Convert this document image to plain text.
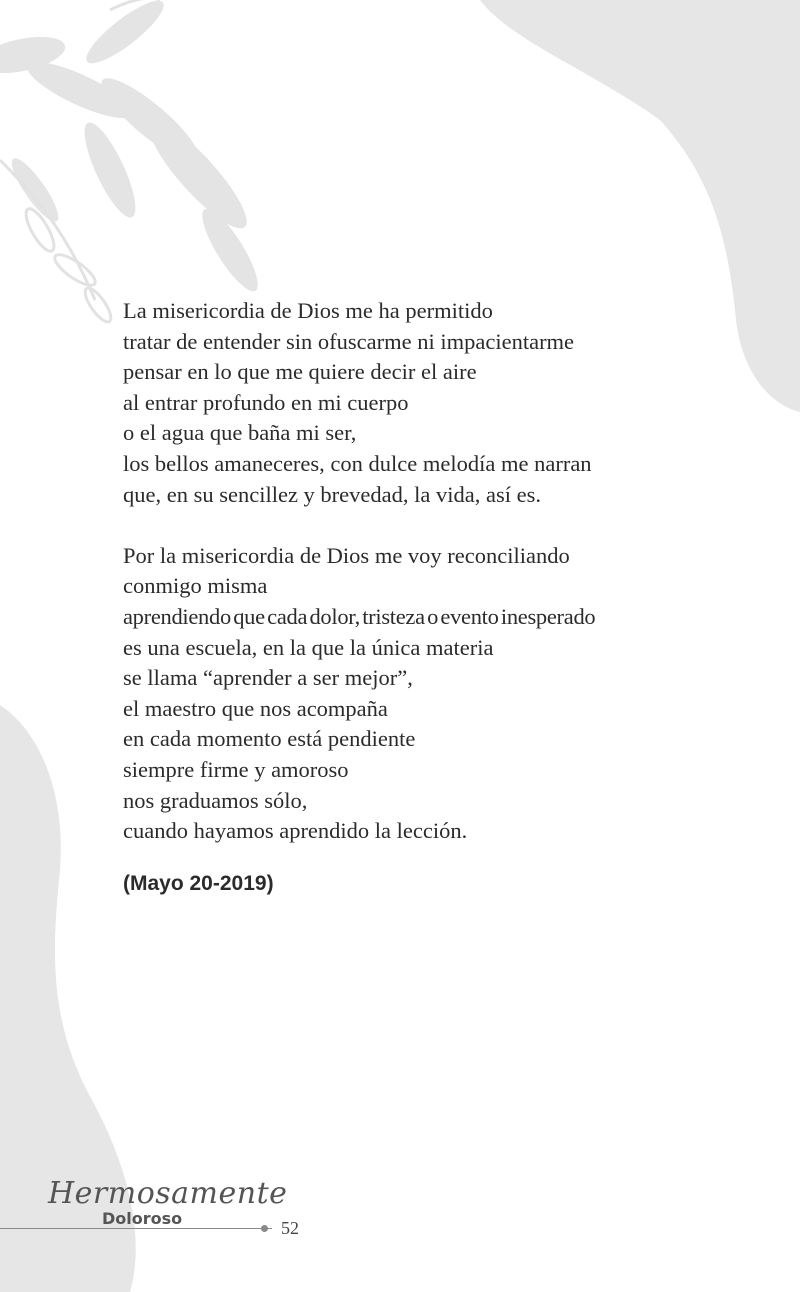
La misericordia de Dios me ha permitido
tratar de entender sin ofuscarme ni impacientarme
pensar en lo que me quiere decir el aire
al entrar profundo en mi cuerpo
o el agua que baña mi ser,
los bellos amaneceres, con dulce melodía me narran
que, en su sencillez y brevedad, la vida, así es.
Por la misericordia de Dios me voy reconciliando
conmigo misma
aprendiendo que cada dolor, tristeza o evento inesperado
es una escuela, en la que la única materia
se llama “aprender a ser mejor”,
el maestro que nos acompaña
en cada momento está pendiente
siempre firme y amoroso
nos graduamos sólo,
cuando hayamos aprendido la lección.
(Mayo 20-2019)
Hermosamente
Doloroso	52
